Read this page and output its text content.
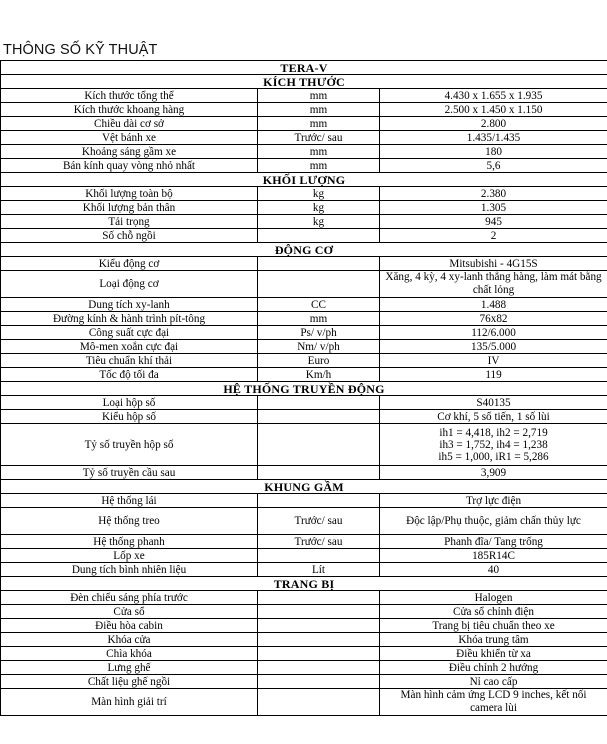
THÔNG SỐ KỸ THUẬT
TERA-V		
KÍCH THƯỚC		
Kích thước tổng thể	mm	4.430 x 1.655 x 1.935
Kích thước khoang hàng	mm	2.500 x 1.450 x 1.150
Chiều dài cơ sở	mm	2.800
Vệt bánh xe	Trước/ sau	1.435/1.435
Khoảng sáng gầm xe	mm	180
Bán kính quay vòng nhỏ nhất	mm	5,6
KHỐI LƯỢNG		
Khối lượng toàn bộ	kg	2.380
Khối lượng bản thân	kg	1.305
Tải trọng	kg	945
Số chỗ ngồi		2
ĐỘNG CƠ		
Kiểu động cơ		Mitsubishi - 4G15S
Loại động cơ		Xăng, 4 kỳ, 4 xy-lanh thẳng hàng, làm mát bằng chất lỏng
Dung tích xy-lanh	CC	1.488
Đường kính & hành trình pít-tông	mm	76x82
Công suất cực đại	Ps/ v/ph	112/6.000
Mô-men xoắn cực đại	Nm/ v/ph	135/5.000
Tiêu chuẩn khí thải	Euro	IV
Tốc độ tối đa	Km/h	119
HỆ THỐNG TRUYỀN ĐỘNG		
Loại hộp số		S40135
Kiểu hộp số		Cơ khí, 5 số tiến, 1 số lùi
Tỷ số truyền hộp số		ih1 = 4,418, ih2 = 2,719
ih3 = 1,752, ih4 = 1,238
ih5 = 1,000, iR1 = 5,286

Tỷ số truyền cầu sau		3,909
KHUNG GẦM		
Hệ thống lái		Trợ lực điện
Hệ thống treo	Trước/ sau	Độc lập/Phụ thuộc, giảm chấn thủy lực
Hệ thống phanh	Trước/ sau	Phanh đĩa/ Tang trống
Lốp xe		185R14C
Dung tích bình nhiên liệu	Lít	40
TRANG BỊ		
Đèn chiếu sáng phía trước		Halogen
Cửa sổ		Cửa sổ chỉnh điện
Điều hòa cabin		Trang bị tiêu chuẩn theo xe
Khóa cửa		Khóa trung tâm
Chìa khóa		Điều khiển từ xa
Lưng ghế		Điều chỉnh 2 hướng
Chất liệu ghế ngồi		Nỉ cao cấp
Màn hình giải trí		Màn hình cảm ứng LCD 9 inches, kết nối camera lùi
